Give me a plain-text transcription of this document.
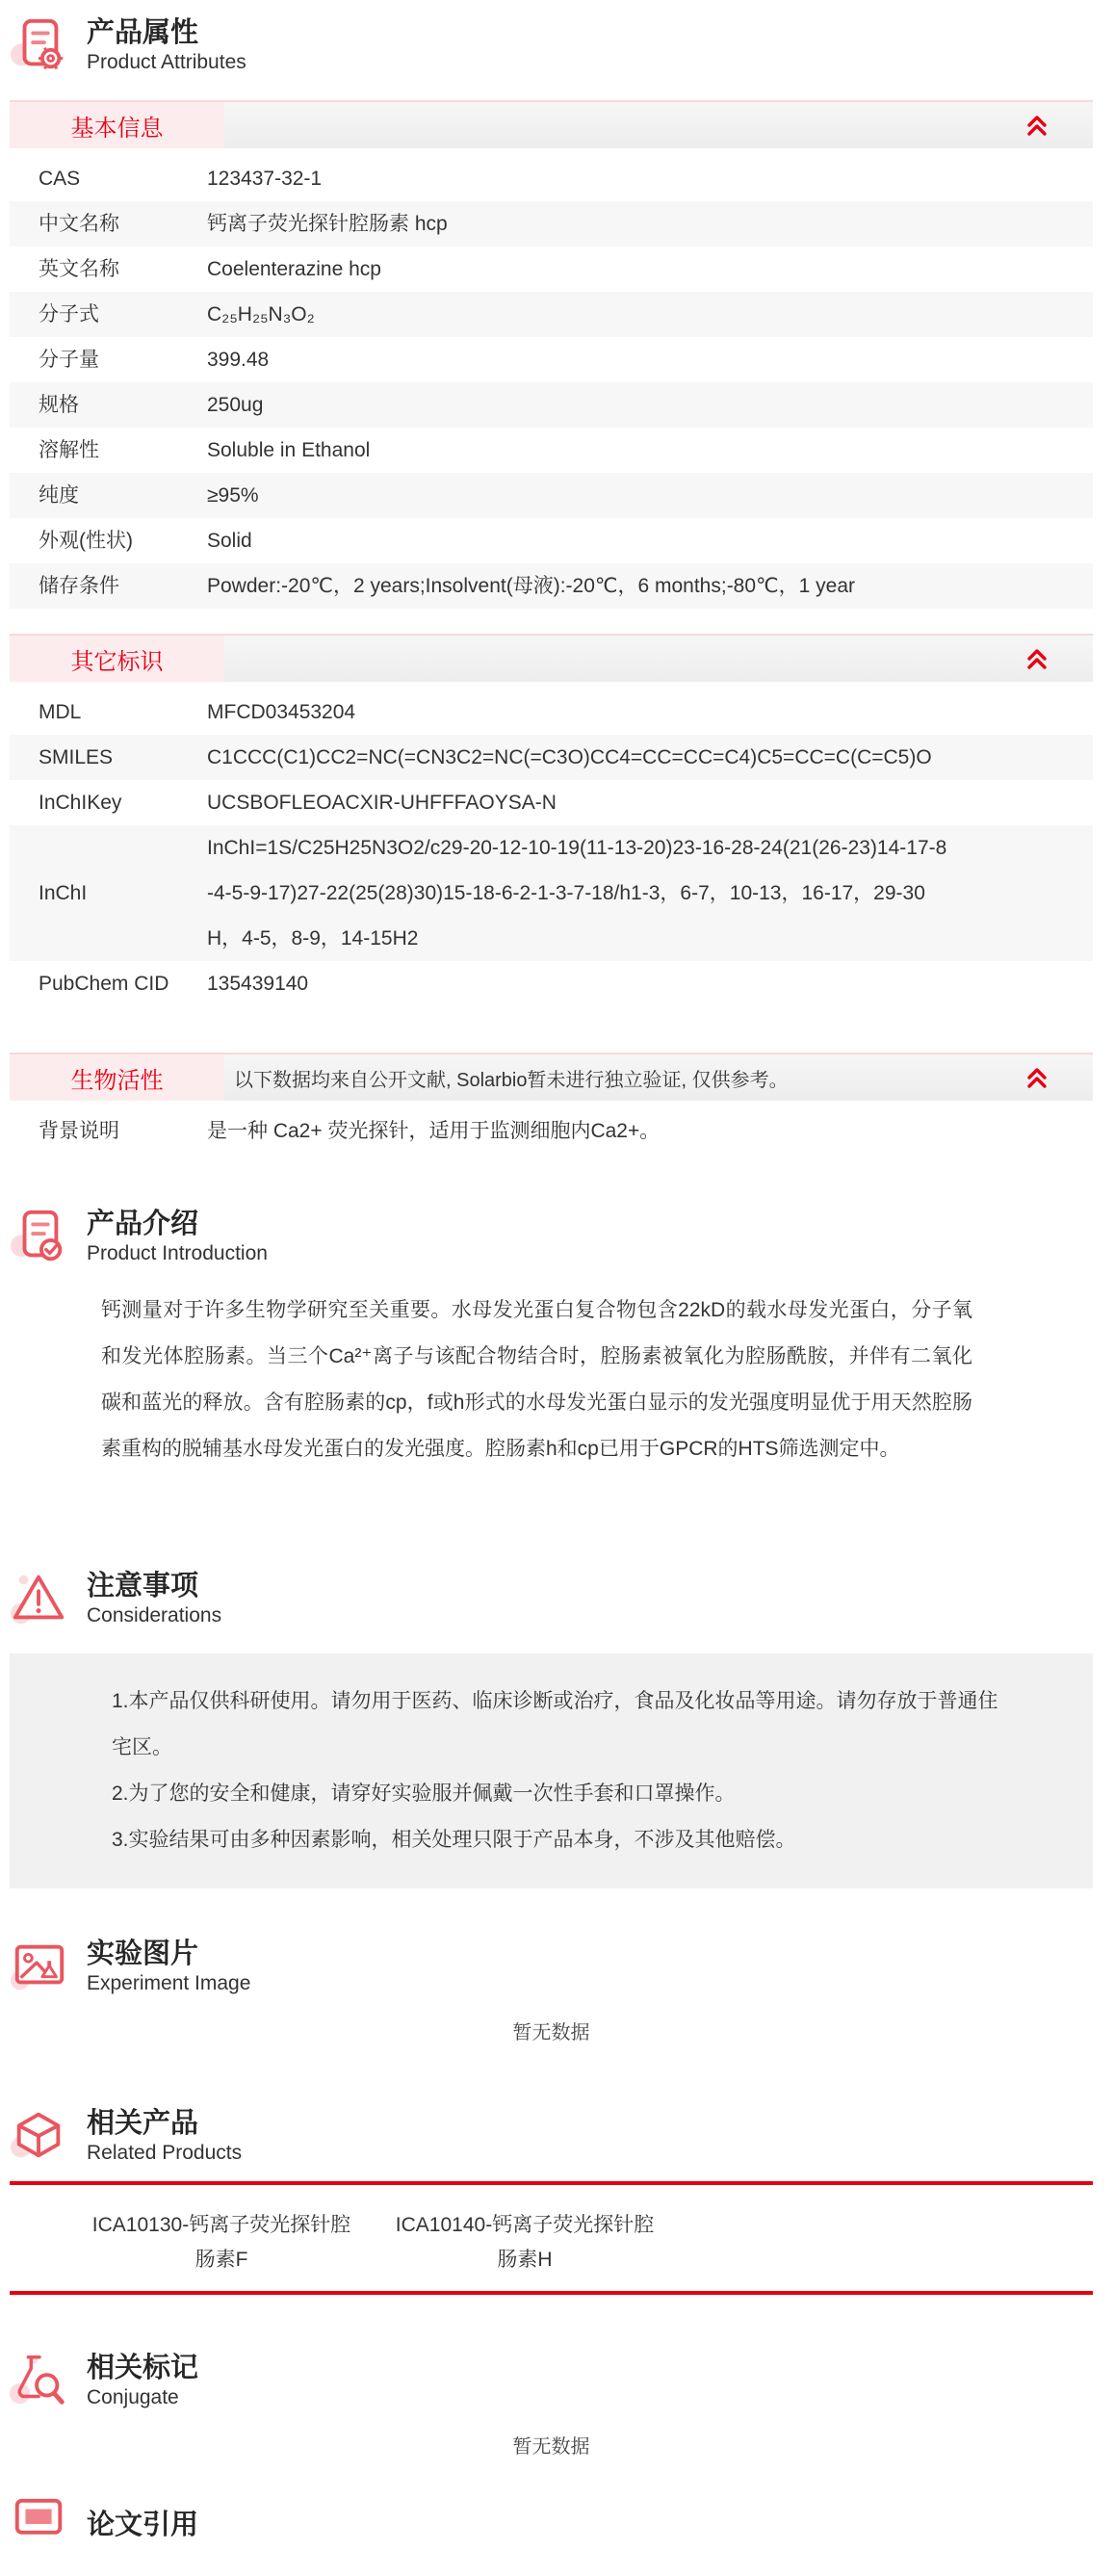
产品属性
Product Attributes
基本信息
CAS	123437-32-1
中文名称	钙离子荧光探针腔肠素 hcp
英文名称	Coelenterazine hcp
分子式	C₂₅H₂₅N₃O₂
分子量	399.48
规格	250ug
溶解性	Soluble in Ethanol
纯度	≥95%
外观(性状)	Solid
储存条件	Powder:-20℃，2 years;Insolvent(母液):-20℃，6 months;-80℃，1 year
其它标识
MDL	MFCD03453204
SMILES	C1CCC(C1)CC2=NC(=CN3C2=NC(=C3O)CC4=CC=CC=C4)C5=CC=C(C=C5)O
InChIKey	UCSBOFLEOACXIR-UHFFFAOYSA-N
InChI
InChI=1S/C25H25N3O2/c29-20-12-10-19(11-13-20)23-16-28-24(21(26-23)14-17-8-4-5-9-17)27-22(25(28)30)15-18-6-2-1-3-7-18/h1-3，6-7，10-13，16-17，29-30H，4-5，8-9，14-15H2
PubChem CID	135439140
生物活性	以下数据均来自公开文献, Solarbio暂未进行独立验证, 仅供参考。
背景说明	是一种 Ca2+ 荧光探针，适用于监测细胞内Ca2+。
产品介绍
Product Introduction
钙测量对于许多生物学研究至关重要。水母发光蛋白复合物包含22kD的载水母发光蛋白，分子氧和发光体腔肠素。当三个Ca²⁺离子与该配合物结合时，腔肠素被氧化为腔肠酰胺，并伴有二氧化碳和蓝光的释放。含有腔肠素的cp，f或h形式的水母发光蛋白显示的发光强度明显优于用天然腔肠素重构的脱辅基水母发光蛋白的发光强度。腔肠素h和cp已用于GPCR的HTS筛选测定中。
注意事项
Considerations
1.本产品仅供科研使用。请勿用于医药、临床诊断或治疗，食品及化妆品等用途。请勿存放于普通住宅区。
2.为了您的安全和健康，请穿好实验服并佩戴一次性手套和口罩操作。
3.实验结果可由多种因素影响，相关处理只限于产品本身，不涉及其他赔偿。
实验图片
Experiment Image
暂无数据
相关产品
Related Products
ICA10130-钙离子荧光探针腔肠素F
ICA10140-钙离子荧光探针腔肠素H
相关标记
Conjugate
暂无数据
论文引用
